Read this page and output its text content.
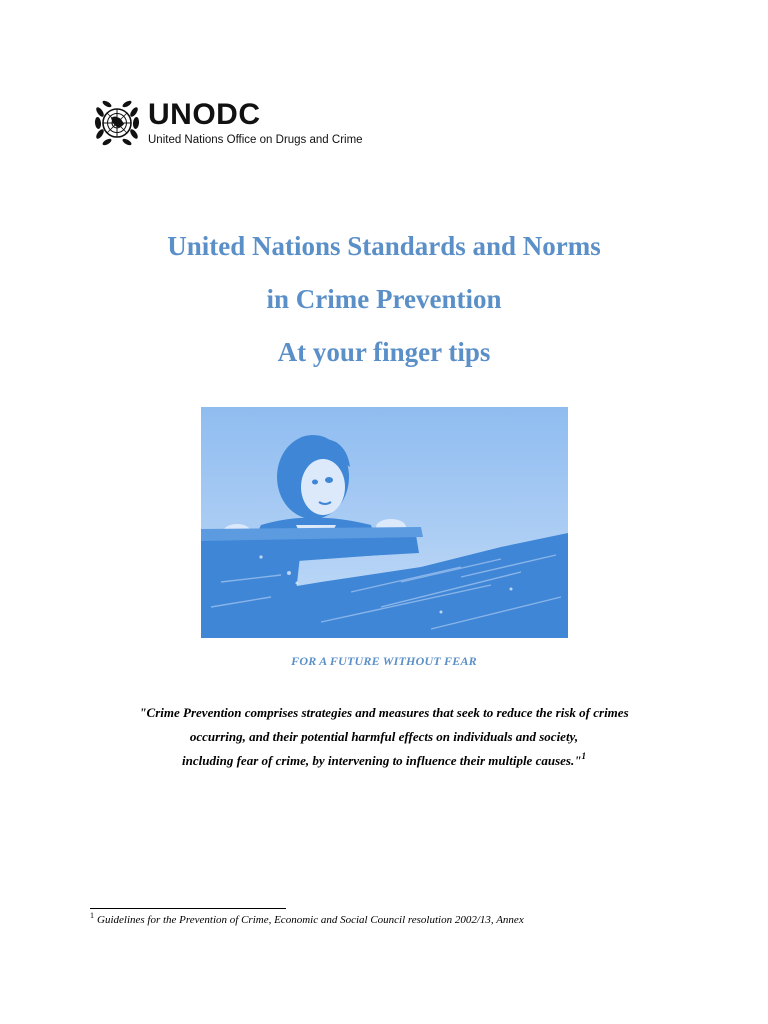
UNODC
United Nations Office on Drugs and Crime
United Nations Standards and Norms
in Crime Prevention
At your finger tips
FOR A FUTURE WITHOUT FEAR
"Crime Prevention comprises strategies and measures that seek to reduce the risk of crimes
occurring, and their potential harmful effects on individuals and society,
including fear of crime, by intervening to influence their multiple causes."$^1$
$^1$ Guidelines for the Prevention of Crime, Economic and Social Council resolution 2002/13, Annex
